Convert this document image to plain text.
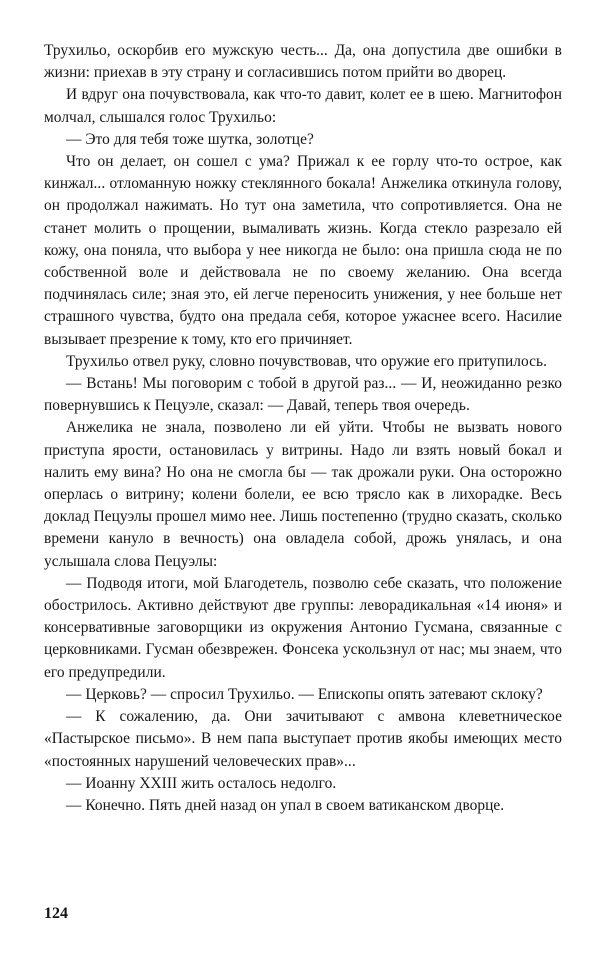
Трухильо, оскорбив его мужскую честь... Да, она допустила две ошибки в жизни: приехав в эту страну и согласившись потом прийти во дворец.

И вдруг она почувствовала, как что-то давит, колет ее в шею. Магнитофон молчал, слышался голос Трухильо:

— Это для тебя тоже шутка, золотце?

Что он делает, он сошел с ума? Прижал к ее горлу что-то острое, как кинжал... отломанную ножку стеклянного бокала! Анжелика откинула голову, он продолжал нажимать. Но тут она заметила, что сопротивляется. Она не станет молить о прощении, вымаливать жизнь. Когда стекло разрезало ей кожу, она поняла, что выбора у нее никогда не было: она пришла сюда не по собственной воле и действовала не по своему желанию. Она всегда подчинялась силе; зная это, ей легче переносить унижения, у нее больше нет страшного чувства, будто она предала себя, которое ужаснее всего. Насилие вызывает презрение к тому, кто его причиняет.

Трухильо отвел руку, словно почувствовав, что оружие его притупилось.

— Встань! Мы поговорим с тобой в другой раз... — И, неожиданно резко повернувшись к Пецуэле, сказал: — Давай, теперь твоя очередь.

Анжелика не знала, позволено ли ей уйти. Чтобы не вызвать нового приступа ярости, остановилась у витрины. Надо ли взять новый бокал и налить ему вина? Но она не смогла бы — так дрожали руки. Она осторожно оперлась о витрину; колени болели, ее всю трясло как в лихорадке. Весь доклад Пецуэлы прошел мимо нее. Лишь постепенно (трудно сказать, сколько времени кануло в вечность) она овладела собой, дрожь унялась, и она услышала слова Пецуэлы:

— Подводя итоги, мой Благодетель, позволю себе сказать, что положение обострилось. Активно действуют две группы: леворадикальная «14 июня» и консервативные заговорщики из окружения Антонио Гусмана, связанные с церковниками. Гусман обезврежен. Фонсека ускользнул от нас; мы знаем, что его предупредили.

— Церковь? — спросил Трухильо. — Епископы опять затевают склоку?

— К сожалению, да. Они зачитывают с амвона клеветническое «Пастырское письмо». В нем папа выступает против якобы имеющих место «постоянных нарушений человеческих прав»...

— Иоанну XXIII жить осталось недолго.

— Конечно. Пять дней назад он упал в своем ватиканском дворце.

124
